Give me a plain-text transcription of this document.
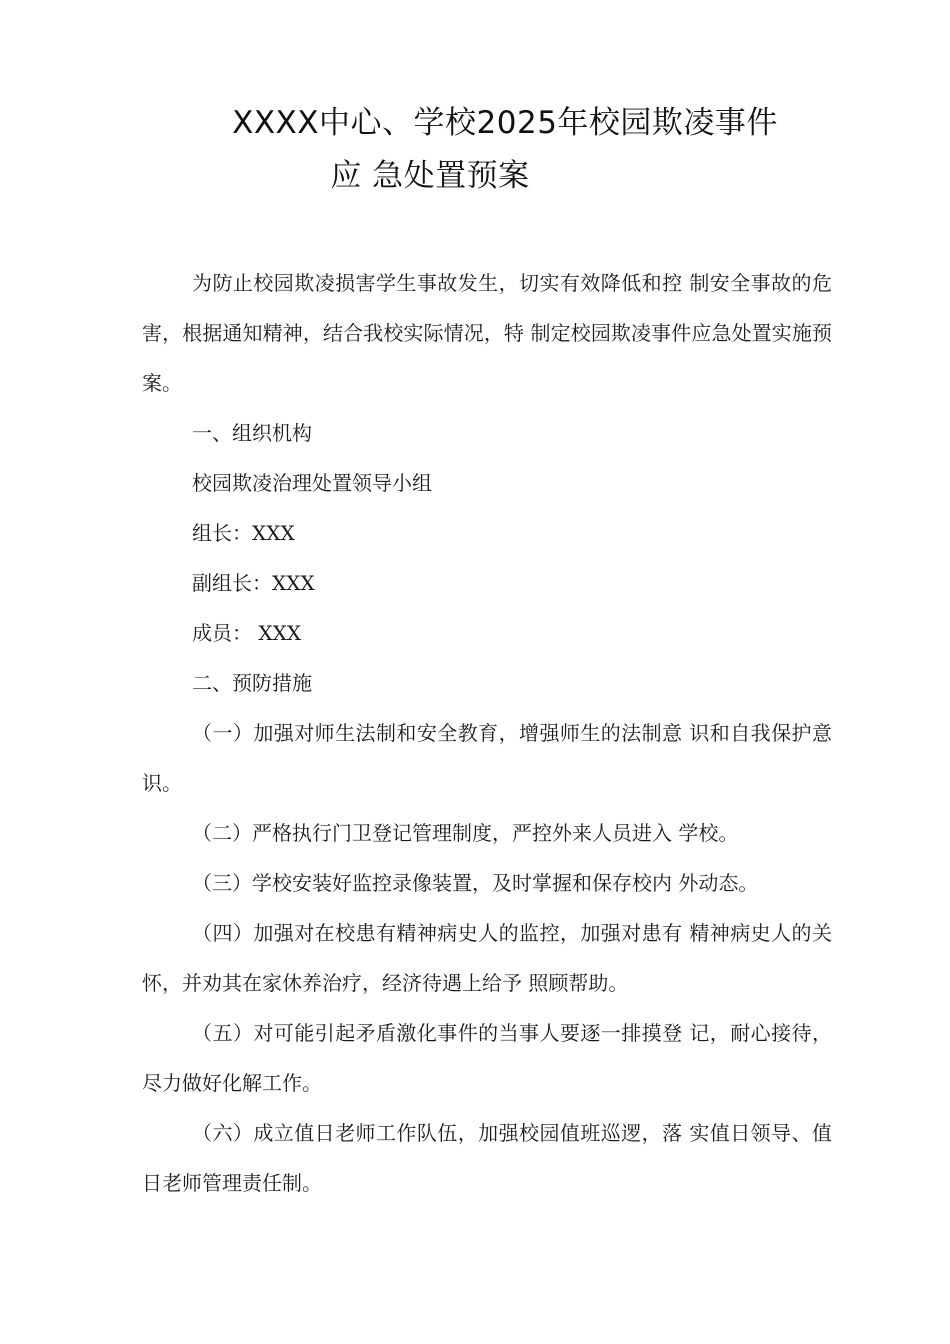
XXXX中心、学校2025年校园欺凌事件
应 急处置预案

为防止校园欺凌损害学生事故发生，切实有效降低和控 制安全事故的危害，根据通知精神，结合我校实际情况，特 制定校园欺凌事件应急处置实施预案。

一、组织机构

校园欺凌治理处置领导小组

组长：XXX

副组长：XXX

成员： XXX

二、预防措施

（一）加强对师生法制和安全教育，增强师生的法制意 识和自我保护意识。

（二）严格执行门卫登记管理制度，严控外来人员进入 学校。

（三）学校安装好监控录像装置，及时掌握和保存校内 外动态。

（四）加强对在校患有精神病史人的监控，加强对患有 精神病史人的关怀，并劝其在家休养治疗，经济待遇上给予 照顾帮助。

（五）对可能引起矛盾激化事件的当事人要逐一排摸登 记，耐心接待，尽力做好化解工作。

（六）成立值日老师工作队伍，加强校园值班巡逻，落 实值日领导、值日老师管理责任制。
